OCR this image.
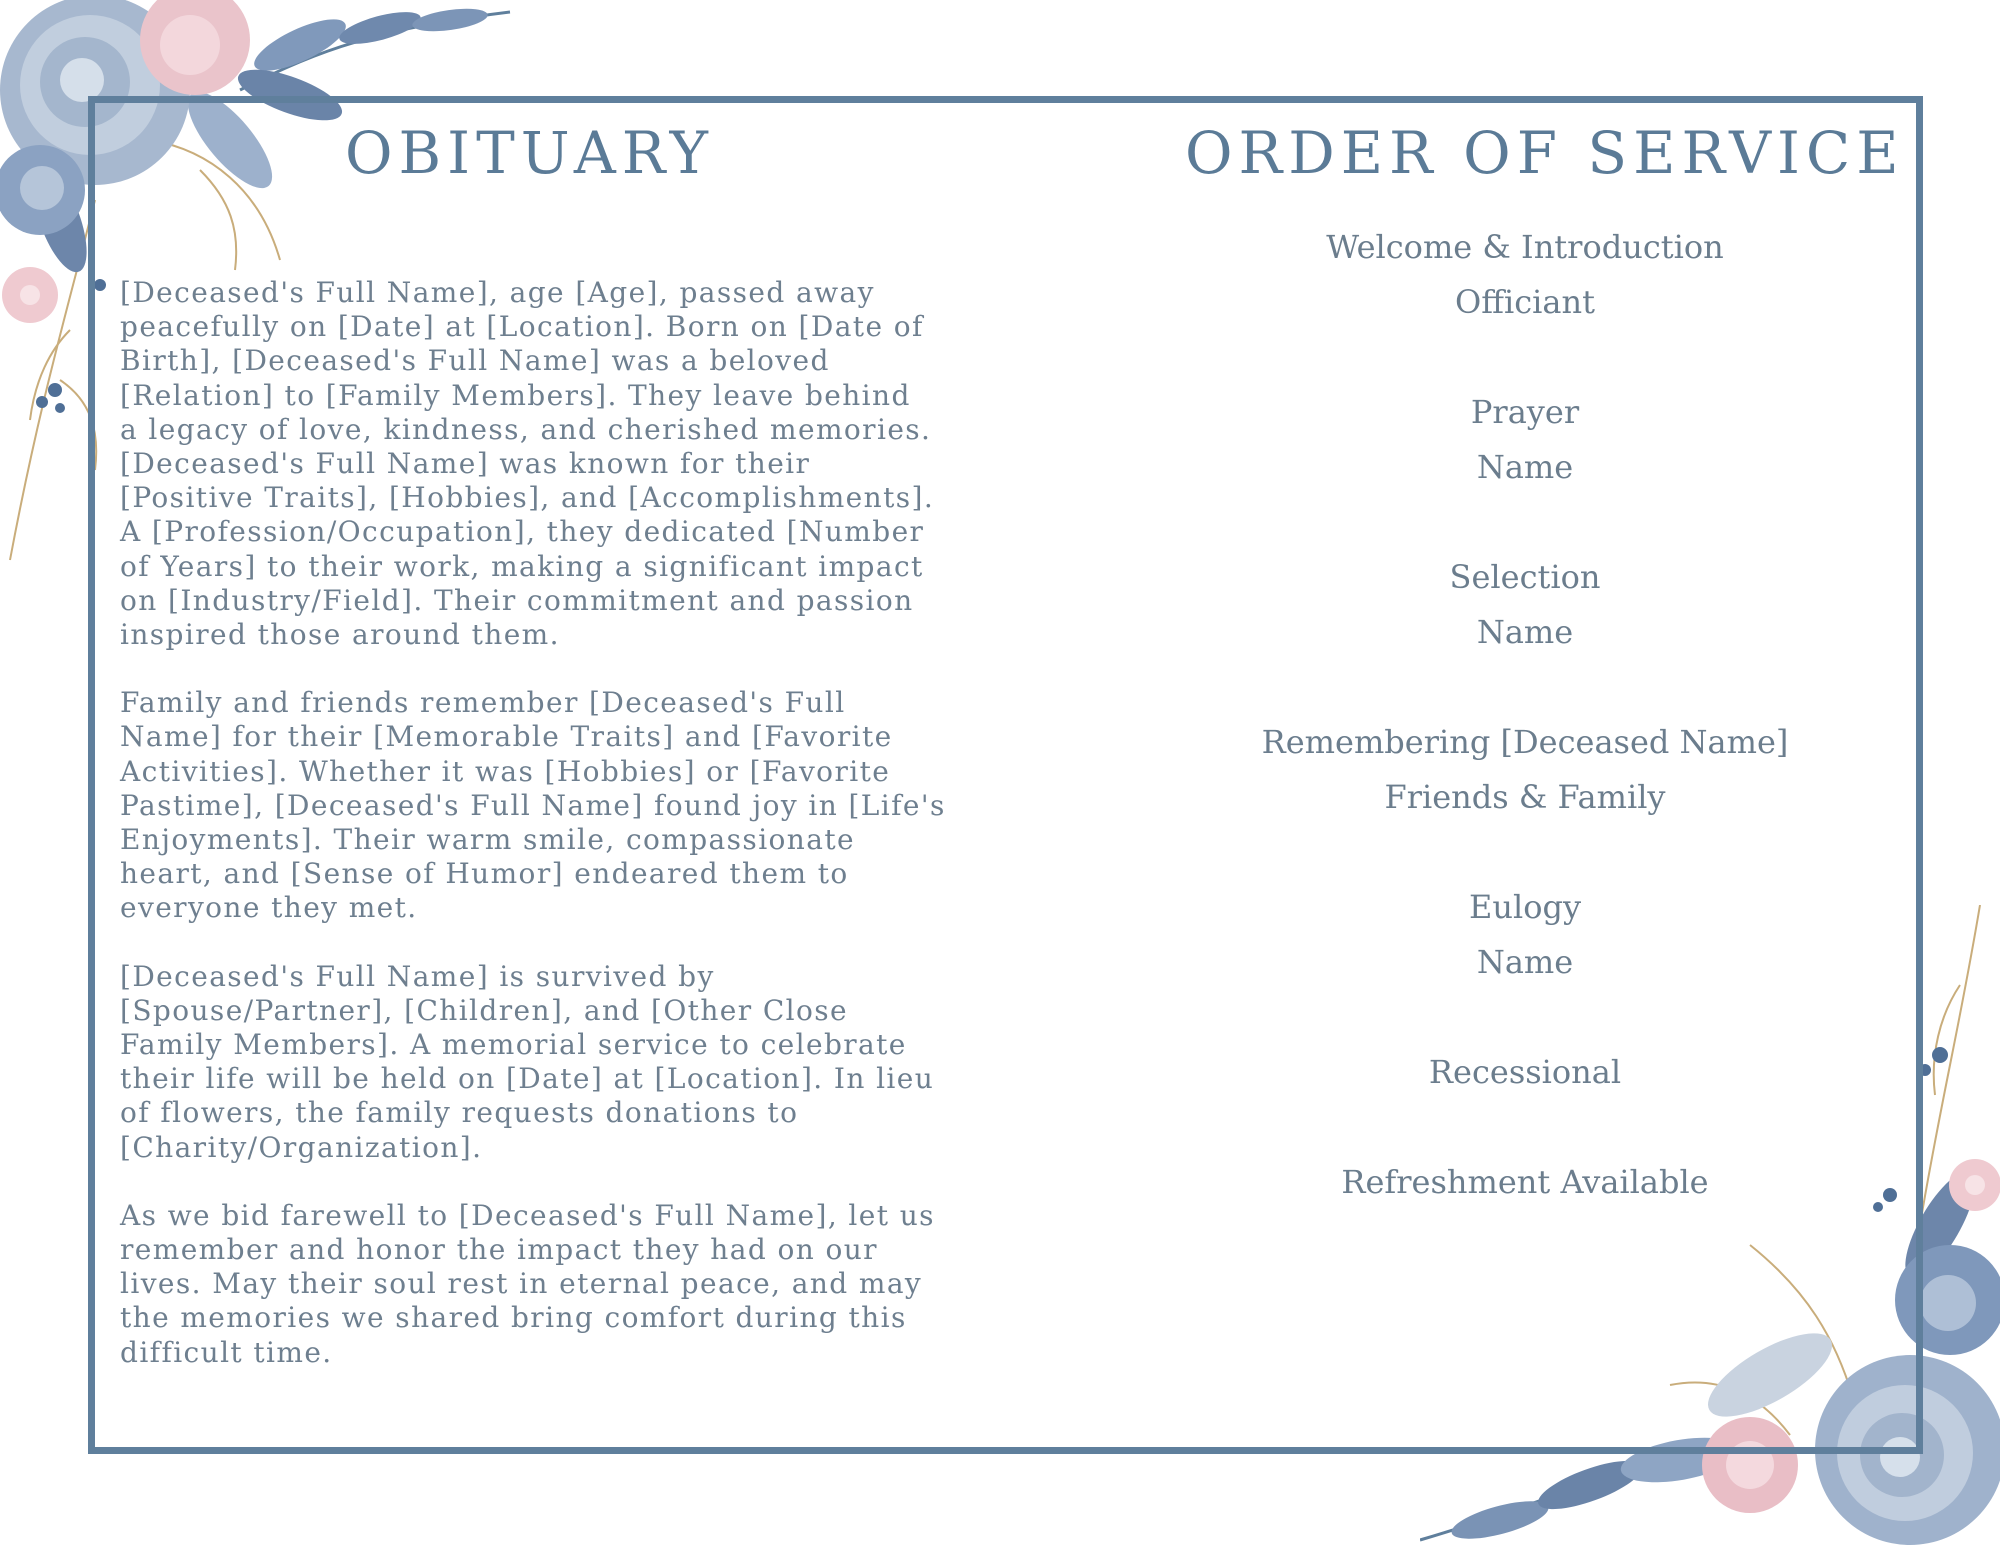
OBITUARY	ORDER OF SERVICE

[Deceased's Full Name], age [Age], passed away
peacefully on [Date] at [Location]. Born on [Date of
Birth], [Deceased's Full Name] was a beloved
[Relation] to [Family Members]. They leave behind
a legacy of love, kindness, and cherished memories.
[Deceased's Full Name] was known for their
[Positive Traits], [Hobbies], and [Accomplishments].
A [Profession/Occupation], they dedicated [Number
of Years] to their work, making a significant impact
on [Industry/Field]. Their commitment and passion
inspired those around them.

Family and friends remember [Deceased's Full
Name] for their [Memorable Traits] and [Favorite
Activities]. Whether it was [Hobbies] or [Favorite
Pastime], [Deceased's Full Name] found joy in [Life's
Enjoyments]. Their warm smile, compassionate
heart, and [Sense of Humor] endeared them to
everyone they met.

[Deceased's Full Name] is survived by
[Spouse/Partner], [Children], and [Other Close
Family Members]. A memorial service to celebrate
their life will be held on [Date] at [Location]. In lieu
of flowers, the family requests donations to
[Charity/Organization].

As we bid farewell to [Deceased's Full Name], let us
remember and honor the impact they had on our
lives. May their soul rest in eternal peace, and may
the memories we shared bring comfort during this
difficult time.

Welcome & Introduction
Officiant
Prayer
Name
Selection
Name
Remembering [Deceased Name]
Friends & Family
Eulogy
Name
Recessional
Refreshment Available
